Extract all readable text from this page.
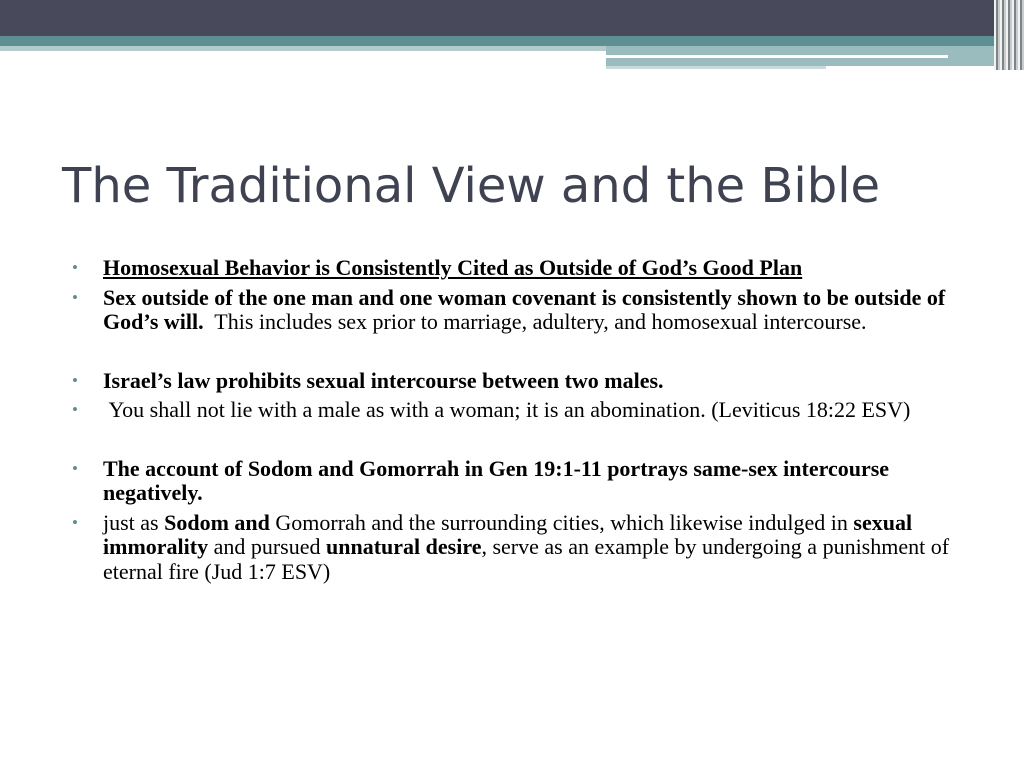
The Traditional View and the Bible
• Homosexual Behavior is Consistently Cited as Outside of God’s Good Plan
• Sex outside of the one man and one woman covenant is consistently shown to be outside of God’s will. This includes sex prior to marriage, adultery, and homosexual intercourse.
• Israel’s law prohibits sexual intercourse between two males.
• You shall not lie with a male as with a woman; it is an abomination. (Leviticus 18:22 ESV)
• The account of Sodom and Gomorrah in Gen 19:1-11 portrays same-sex intercourse negatively.
• just as Sodom and Gomorrah and the surrounding cities, which likewise indulged in sexual immorality and pursued unnatural desire, serve as an example by undergoing a punishment of eternal fire (Jud 1:7 ESV)
